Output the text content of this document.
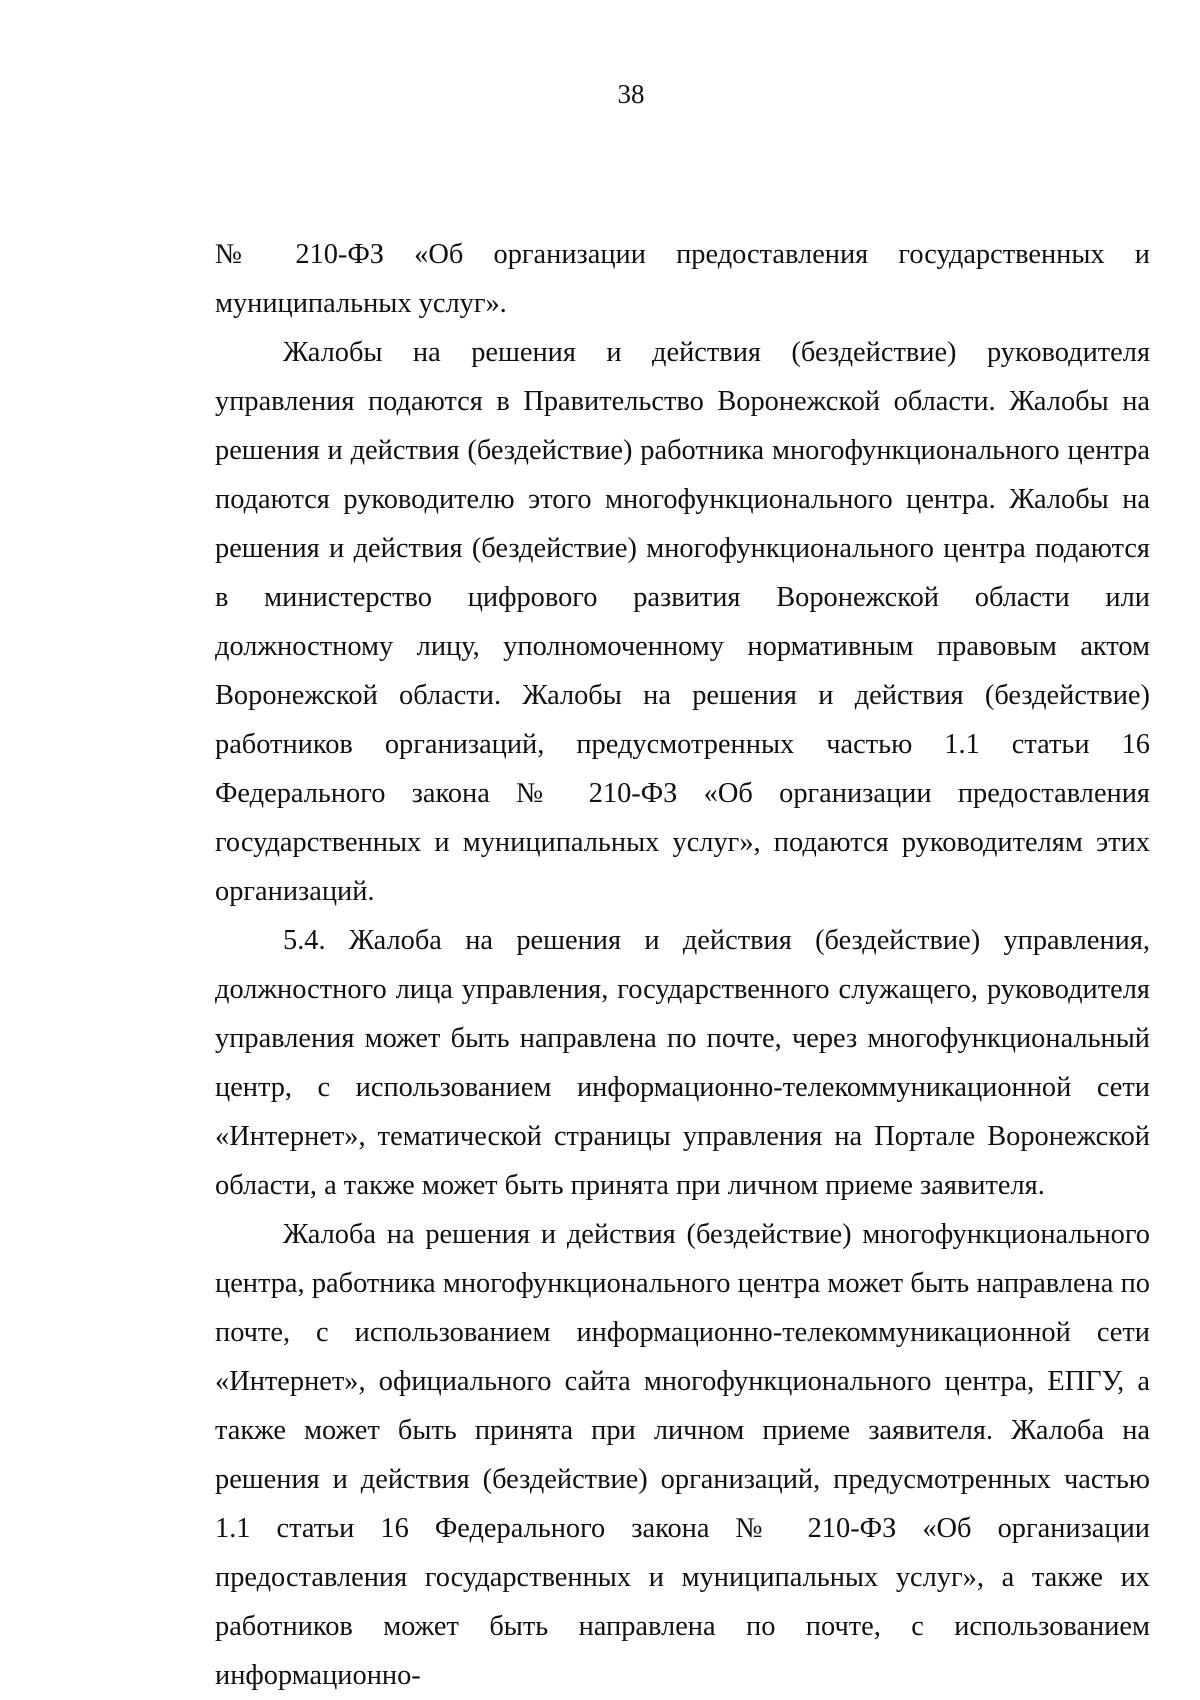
38

№ 210-ФЗ «Об организации предоставления государственных и муниципальных услуг».

Жалобы на решения и действия (бездействие) руководителя управления подаются в Правительство Воронежской области. Жалобы на решения и действия (бездействие) работника многофункционального центра подаются руководителю этого многофункционального центра. Жалобы на решения и действия (бездействие) многофункционального центра подаются в министерство цифрового развития Воронежской области или должностному лицу, уполномоченному нормативным правовым актом Воронежской области. Жалобы на решения и действия (бездействие) работников организаций, предусмотренных частью 1.1 статьи 16 Федерального закона № 210-ФЗ «Об организации предоставления государственных и муниципальных услуг», подаются руководителям этих организаций.

5.4. Жалоба на решения и действия (бездействие) управления, должностного лица управления, государственного служащего, руководителя управления может быть направлена по почте, через многофункциональный центр, с использованием информационно-телекоммуникационной сети «Интернет», тематической страницы управления на Портале Воронежской области, а также может быть принята при личном приеме заявителя.

Жалоба на решения и действия (бездействие) многофункционального центра, работника многофункционального центра может быть направлена по почте, с использованием информационно-телекоммуникационной сети «Интернет», официального сайта многофункционального центра, ЕПГУ, а также может быть принята при личном приеме заявителя. Жалоба на решения и действия (бездействие) организаций, предусмотренных частью 1.1 статьи 16 Федерального закона № 210-ФЗ «Об организации предоставления государственных и муниципальных услуг», а также их работников может быть направлена по почте, с использованием информационно-
